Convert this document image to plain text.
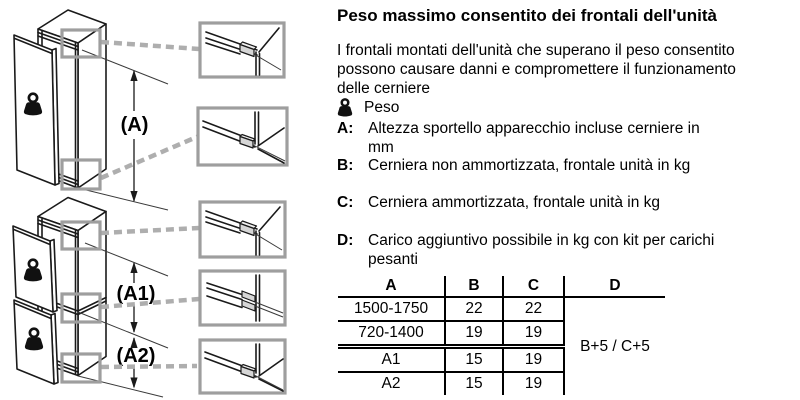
(A)
(A1)
(A2)
Peso massimo consentito dei frontali dell'unità
I frontali montati dell'unità che superano il peso consentito
possono causare danni e compromettere il funzionamento
delle cerniere
Peso
A: Altezza sportello apparecchio incluse cerniere in
mm
B: Cerniera non ammortizzata, frontale unità in kg
C: Cerniera ammortizzata, frontale unità in kg
D: Carico aggiuntivo possibile in kg con kit per carichi
pesanti
A	B	C	D
1500-1750	22	22	B+5 / C+5
720-1400	19	19	
A1	15	19	
A2	15	19	
